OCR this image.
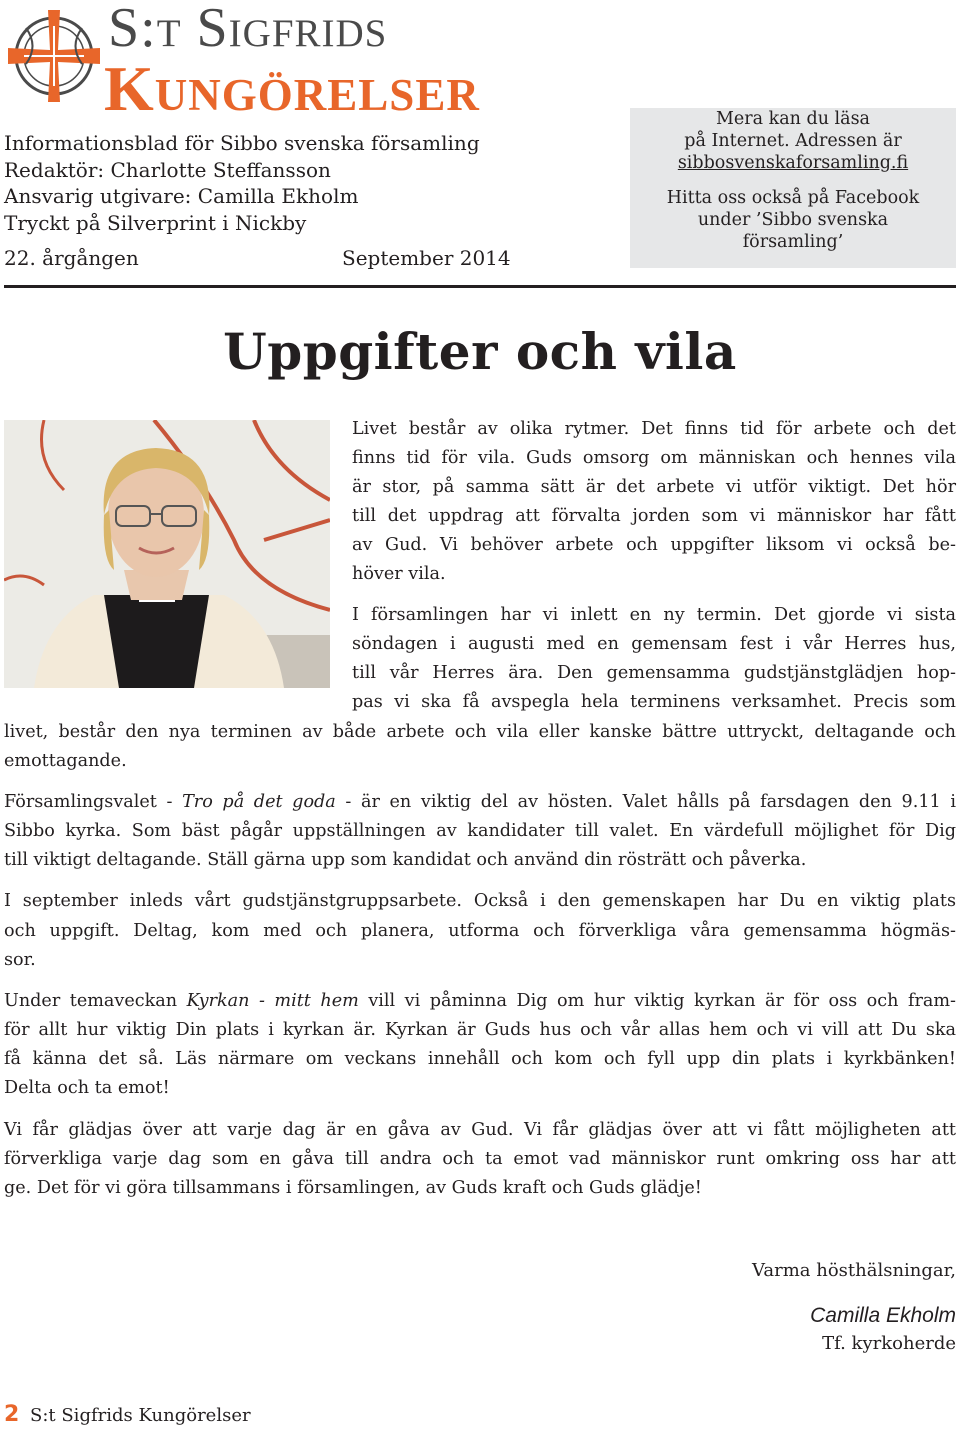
S:t Sigfrids
Kungörelser
Informationsblad för Sibbo svenska församling
Redaktör: Charlotte Steffansson
Ansvarig utgivare: Camilla Ekholm
Tryckt på Silverprint i Nickby
22. årgången	September 2014
Mera kan du läsa
på Internet. Adressen är
sibbosvenskaforsamling.fi
Hitta oss också på Facebook
under ’Sibbo svenska
församling’
Uppgifter och vila
Livet består av olika rytmer. Det finns tid för arbete och det
finns tid för vila. Guds omsorg om människan och hennes vila
är stor, på samma sätt är det arbete vi utför viktigt. Det hör
till det uppdrag att förvalta jorden som vi människor har fått
av Gud. Vi behöver arbete och uppgifter liksom vi också be-
höver vila.
I församlingen har vi inlett en ny termin. Det gjorde vi sista
söndagen i augusti med en gemensam fest i vår Herres hus,
till vår Herres ära. Den gemensamma gudstjänstglädjen hop-
pas vi ska få avspegla hela terminens verksamhet. Precis som
livet, består den nya terminen av både arbete och vila eller kanske bättre uttryckt, deltagande och
emottagande.
Församlingsvalet - Tro på det goda - är en viktig del av hösten. Valet hålls på farsdagen den 9.11 i
Sibbo kyrka. Som bäst pågår uppställningen av kandidater till valet. En värdefull möjlighet för Dig
till viktigt deltagande. Ställ gärna upp som kandidat och använd din rösträtt och påverka.
I september inleds vårt gudstjänstgruppsarbete. Också i den gemenskapen har Du en viktig plats
och uppgift. Deltag, kom med och planera, utforma och förverkliga våra gemensamma högmäs-
sor.
Under temaveckan Kyrkan - mitt hem vill vi påminna Dig om hur viktig kyrkan är för oss och fram-
för allt hur viktig Din plats i kyrkan är. Kyrkan är Guds hus och vår allas hem och vi vill att Du ska
få känna det så. Läs närmare om veckans innehåll och kom och fyll upp din plats i kyrkbänken!
Delta och ta emot!
Vi får glädjas över att varje dag är en gåva av Gud. Vi får glädjas över att vi fått möjligheten att
förverkliga varje dag som en gåva till andra och ta emot vad människor runt omkring oss har att
ge. Det för vi göra tillsammans i församlingen, av Guds kraft och Guds glädje!
Varma hösthälsningar,
Camilla Ekholm
Tf. kyrkoherde
2 S:t Sigfrids Kungörelser
